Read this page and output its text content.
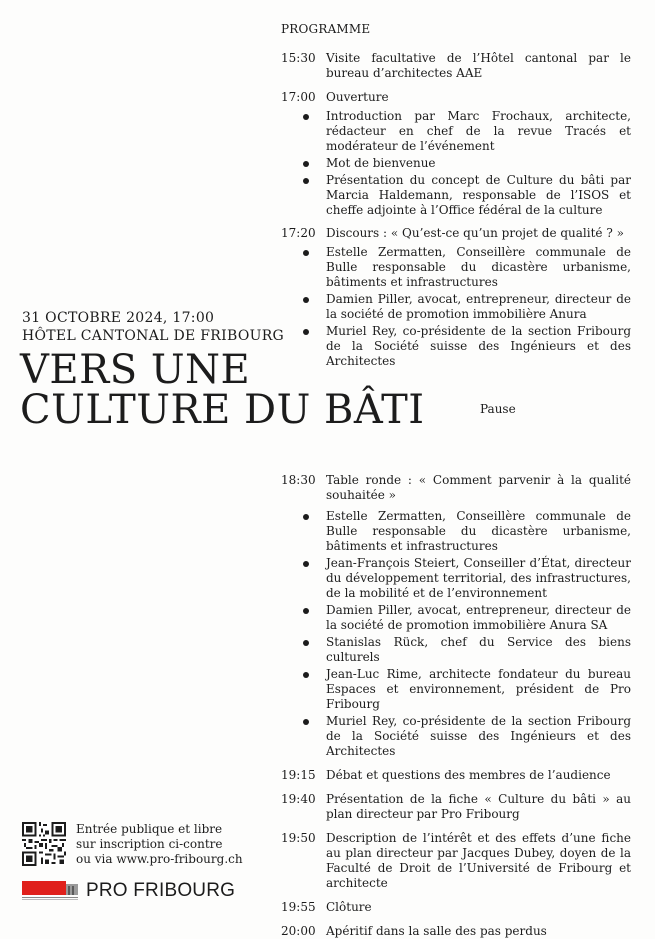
PROGRAMME
15:30 Visite facultative de l’Hôtel cantonal par le bureau d’architectes AAE
17:00 Ouverture
Introduction par Marc Frochaux, architecte, rédacteur en chef de la revue Tracés et modérateur de l’événement
Mot de bienvenue
Présentation du concept de Culture du bâti par Marcia Haldemann, responsable de l’ISOS et cheffe adjointe à l’Office fédéral de la culture
17:20 Discours : « Qu’est-ce qu’un projet de qualité ? »
Estelle Zermatten, Conseillère communale de Bulle responsable du dicastère urbanisme, bâtiments et infrastructures
Damien Piller, avocat, entrepreneur, directeur de la société de promotion immobilière Anura
Muriel Rey, co-présidente de la section Fribourg de la Société suisse des Ingénieurs et des Architectes
18:30 Table ronde : « Comment parvenir à la qualité souhaitée »
Estelle Zermatten, Conseillère communale de Bulle responsable du dicastère urbanisme, bâtiments et infrastructures
Jean-François Steiert, Conseiller d’État, directeur du développement territorial, des infrastructures, de la mobilité et de l’environnement
Damien Piller, avocat, entrepreneur, directeur de la société de promotion immobilière Anura SA
Stanislas Rück, chef du Service des biens culturels
Jean-Luc Rime, architecte fondateur du bureau Espaces et environnement, président de Pro Fribourg
Muriel Rey, co-présidente de la section Fribourg de la Société suisse des Ingénieurs et des Architectes
19:15 Débat et questions des membres de l’audience
19:40 Présentation de la fiche « Culture du bâti » au plan directeur par Pro Fribourg
19:50 Description de l’intérêt et des effets d’une fiche au plan directeur par Jacques Dubey, doyen de la Faculté de Droit de l’Université de Fribourg et architecte
19:55 Clôture
20:00 Apéritif dans la salle des pas perdus
Pause
31 OCTOBRE 2024, 17:00
HÔTEL CANTONAL DE FRIBOURG
VERS UNE
CULTURE DU BÂTI
Entrée publique et libre
sur inscription ci-contre
ou via www.pro-fribourg.ch
PRO FRIBOURG
